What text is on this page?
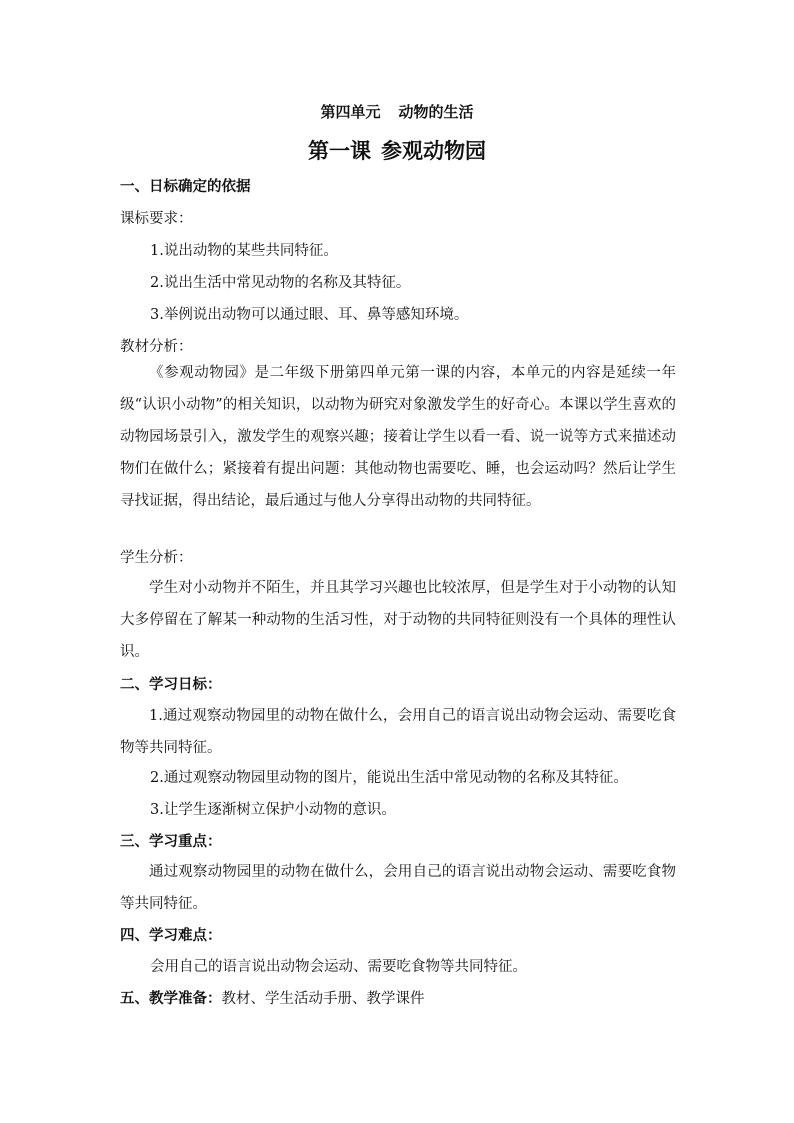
第四单元 动物的生活
第一课 参观动物园
一、日标确定的依据
课标要求：
1.说出动物的某些共同特征。
2.说出生活中常见动物的名称及其特征。
3.举例说出动物可以通过眼、耳、鼻等感知环境。
教材分析：
《参观动物园》是二年级下册第四单元第一课的内容，本单元的内容是延续一年级“认识小动物”的相关知识，以动物为研究对象激发学生的好奇心。本课以学生喜欢的动物园场景引入，激发学生的观察兴趣；接着让学生以看一看、说一说等方式来描述动物们在做什么；紧接着有提出问题：其他动物也需要吃、睡，也会运动吗？然后让学生寻找证据，得出结论，最后通过与他人分享得出动物的共同特征。
学生分析：
学生对小动物并不陌生，并且其学习兴趣也比较浓厚，但是学生对于小动物的认知大多停留在了解某一种动物的生活习性，对于动物的共同特征则没有一个具体的理性认识。
二、学习日标：
1.通过观察动物园里的动物在做什么，会用自己的语言说出动物会运动、需要吃食物等共同特征。
2.通过观察动物园里动物的图片，能说出生活中常见动物的名称及其特征。
3.让学生逐渐树立保护小动物的意识。
三、学习重点：
通过观察动物园里的动物在做什么，会用自己的语言说出动物会运动、需要吃食物等共同特征。
四、学习难点：
会用自己的语言说出动物会运动、需要吃食物等共同特征。
五、教学准备：教材、学生活动手册、教学课件
